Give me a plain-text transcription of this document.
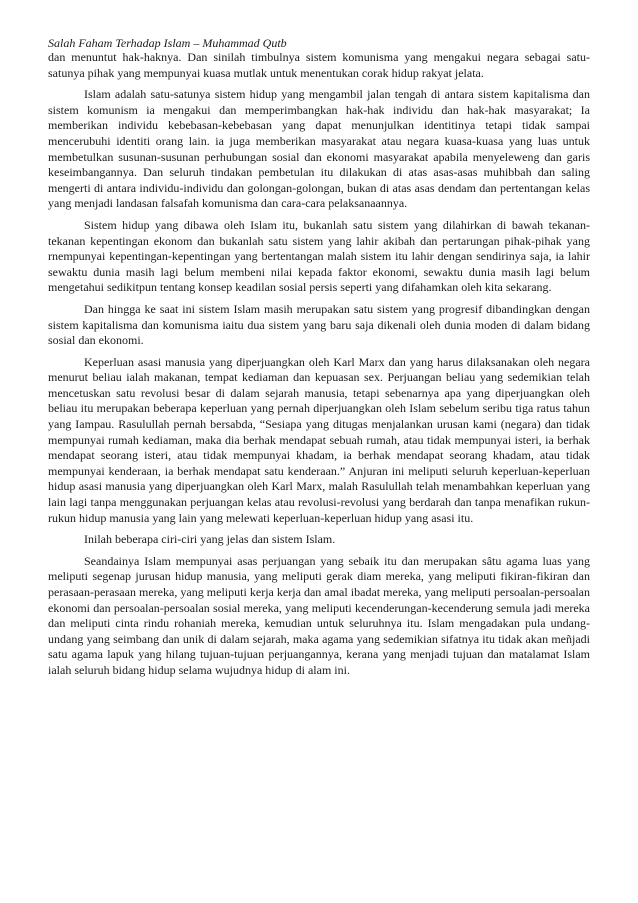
Salah Faham Terhadap Islam – Muhammad Qutb

dan menuntut hak-haknya. Dan sinilah timbulnya sistem komunisma yang mengakui negara sebagai satu-satunya pihak yang mempunyai kuasa mutlak untuk menentukan corak hidup rakyat jelata.

Islam adalah satu-satunya sistem hidup yang mengambil jalan tengah di antara sistem kapitalisma dan sistem komunism ia mengakui dan memperimbangkan hak-hak individu dan hak-hak masyarakat; Ia memberikan individu kebebasan-kebebasan yang dapat menunjulkan identitinya tetapi tidak sampai mencerubuhi identiti orang lain. ia juga memberikan masyarakat atau negara kuasa-kuasa yang luas untuk membetulkan susunan-susunan perhubungan sosial dan ekonomi masyarakat apabila menyeleweng dan garis keseimbangannya. Dan seluruh tindakan pembetulan itu dilakukan di atas asas-asas muhibbah dan saling mengerti di antara individu-individu dan golongan-golongan, bukan di atas asas dendam dan pertentangan kelas yang menjadi landasan falsafah komunisma dan cara-cara pelaksanaannya.

Sistem hidup yang dibawa oleh Islam itu, bukanlah satu sistem yang dilahirkan di bawah tekanan-tekanan kepentingan ekonom dan bukanlah satu sistem yang lahir akibah dan pertarungan pihak-pihak yang rnempunyai kepentingan-kepentingan yang bertentangan malah sistem itu lahir dengan sendirinya saja, ia lahir sewaktu dunia masih lagi belum membeni nilai kepada faktor ekonomi, sewaktu dunia masih lagi belum mengetahui sedikitpun tentang konsep keadilan sosial persis seperti yang difahamkan oleh kita sekarang.

Dan hingga ke saat ini sistem Islam masih merupakan satu sistem yang progresif dibandingkan dengan sistem kapitalisma dan komunisma iaitu dua sistem yang baru saja dikenali oleh dunia moden di dalam bidang sosial dan ekonomi.

Keperluan asasi manusia yang diperjuangkan oleh Karl Marx dan yang harus dilaksanakan oleh negara menurut beliau ialah makanan, tempat kediaman dan kepuasan sex. Perjuangan beliau yang sedemikian telah mencetuskan satu revolusi besar di dalam sejarah manusia, tetapi sebenarnya apa yang diperjuangkan oleh beliau itu merupakan beberapa keperluan yang pernah diperjuangkan oleh Islam sebelum seribu tiga ratus tahun yang Iampau. Rasulullah pernah bersabda, “Sesiapa yang ditugas menjalankan urusan kami (negara) dan tidak mempunyai rumah kediaman, maka dia berhak mendapat sebuah rumah, atau tidak mempunyai isteri, ia berhak mendapat seorang isteri, atau tidak mempunyai khadam, ia berhak mendapat seorang khadam, atau tidak mempunyai kenderaan, ia berhak mendapat satu kenderaan.” Anjuran ini meliputi seluruh keperluan-keperluan hidup asasi manusia yang diperjuangkan oleh Karl Marx, malah Rasulullah telah menambahkan keperluan yang lain lagi tanpa menggunakan perjuangan kelas atau revolusi-revolusi yang berdarah dan tanpa menafikan rukun-rukun hidup manusia yang lain yang melewati keperluan-keperluan hidup yang asasi itu.

Inilah beberapa ciri-ciri yang jelas dan sistem Islam.

Seandainya Islam mempunyai asas perjuangan yang sebaik itu dan merupakan sâtu agama luas yang meliputi segenap jurusan hidup manusia, yang meliputi gerak diam mereka, yang meliputi fikiran-fikiran dan perasaan-perasaan mereka, yang meliputi kerja kerja dan amal ibadat mereka, yang meliputi persoalan-persoalan ekonomi dan persoalan-persoalan sosial mereka, yang meliputi kecenderungan-kecenderung semula jadi mereka dan meliputi cinta rindu rohaniah mereka, kemudian untuk seluruhnya itu. Islam mengadakan pula undang-undang yang seimbang dan unik di dalam sejarah, maka agama yang sedemikian sifatnya itu tidak akan meñjadi satu agama lapuk yang hilang tujuan-tujuan perjuangannya, kerana yang menjadi tujuan dan matalamat Islam ialah seluruh bidang hidup selama wujudnya hidup di alam ini.
